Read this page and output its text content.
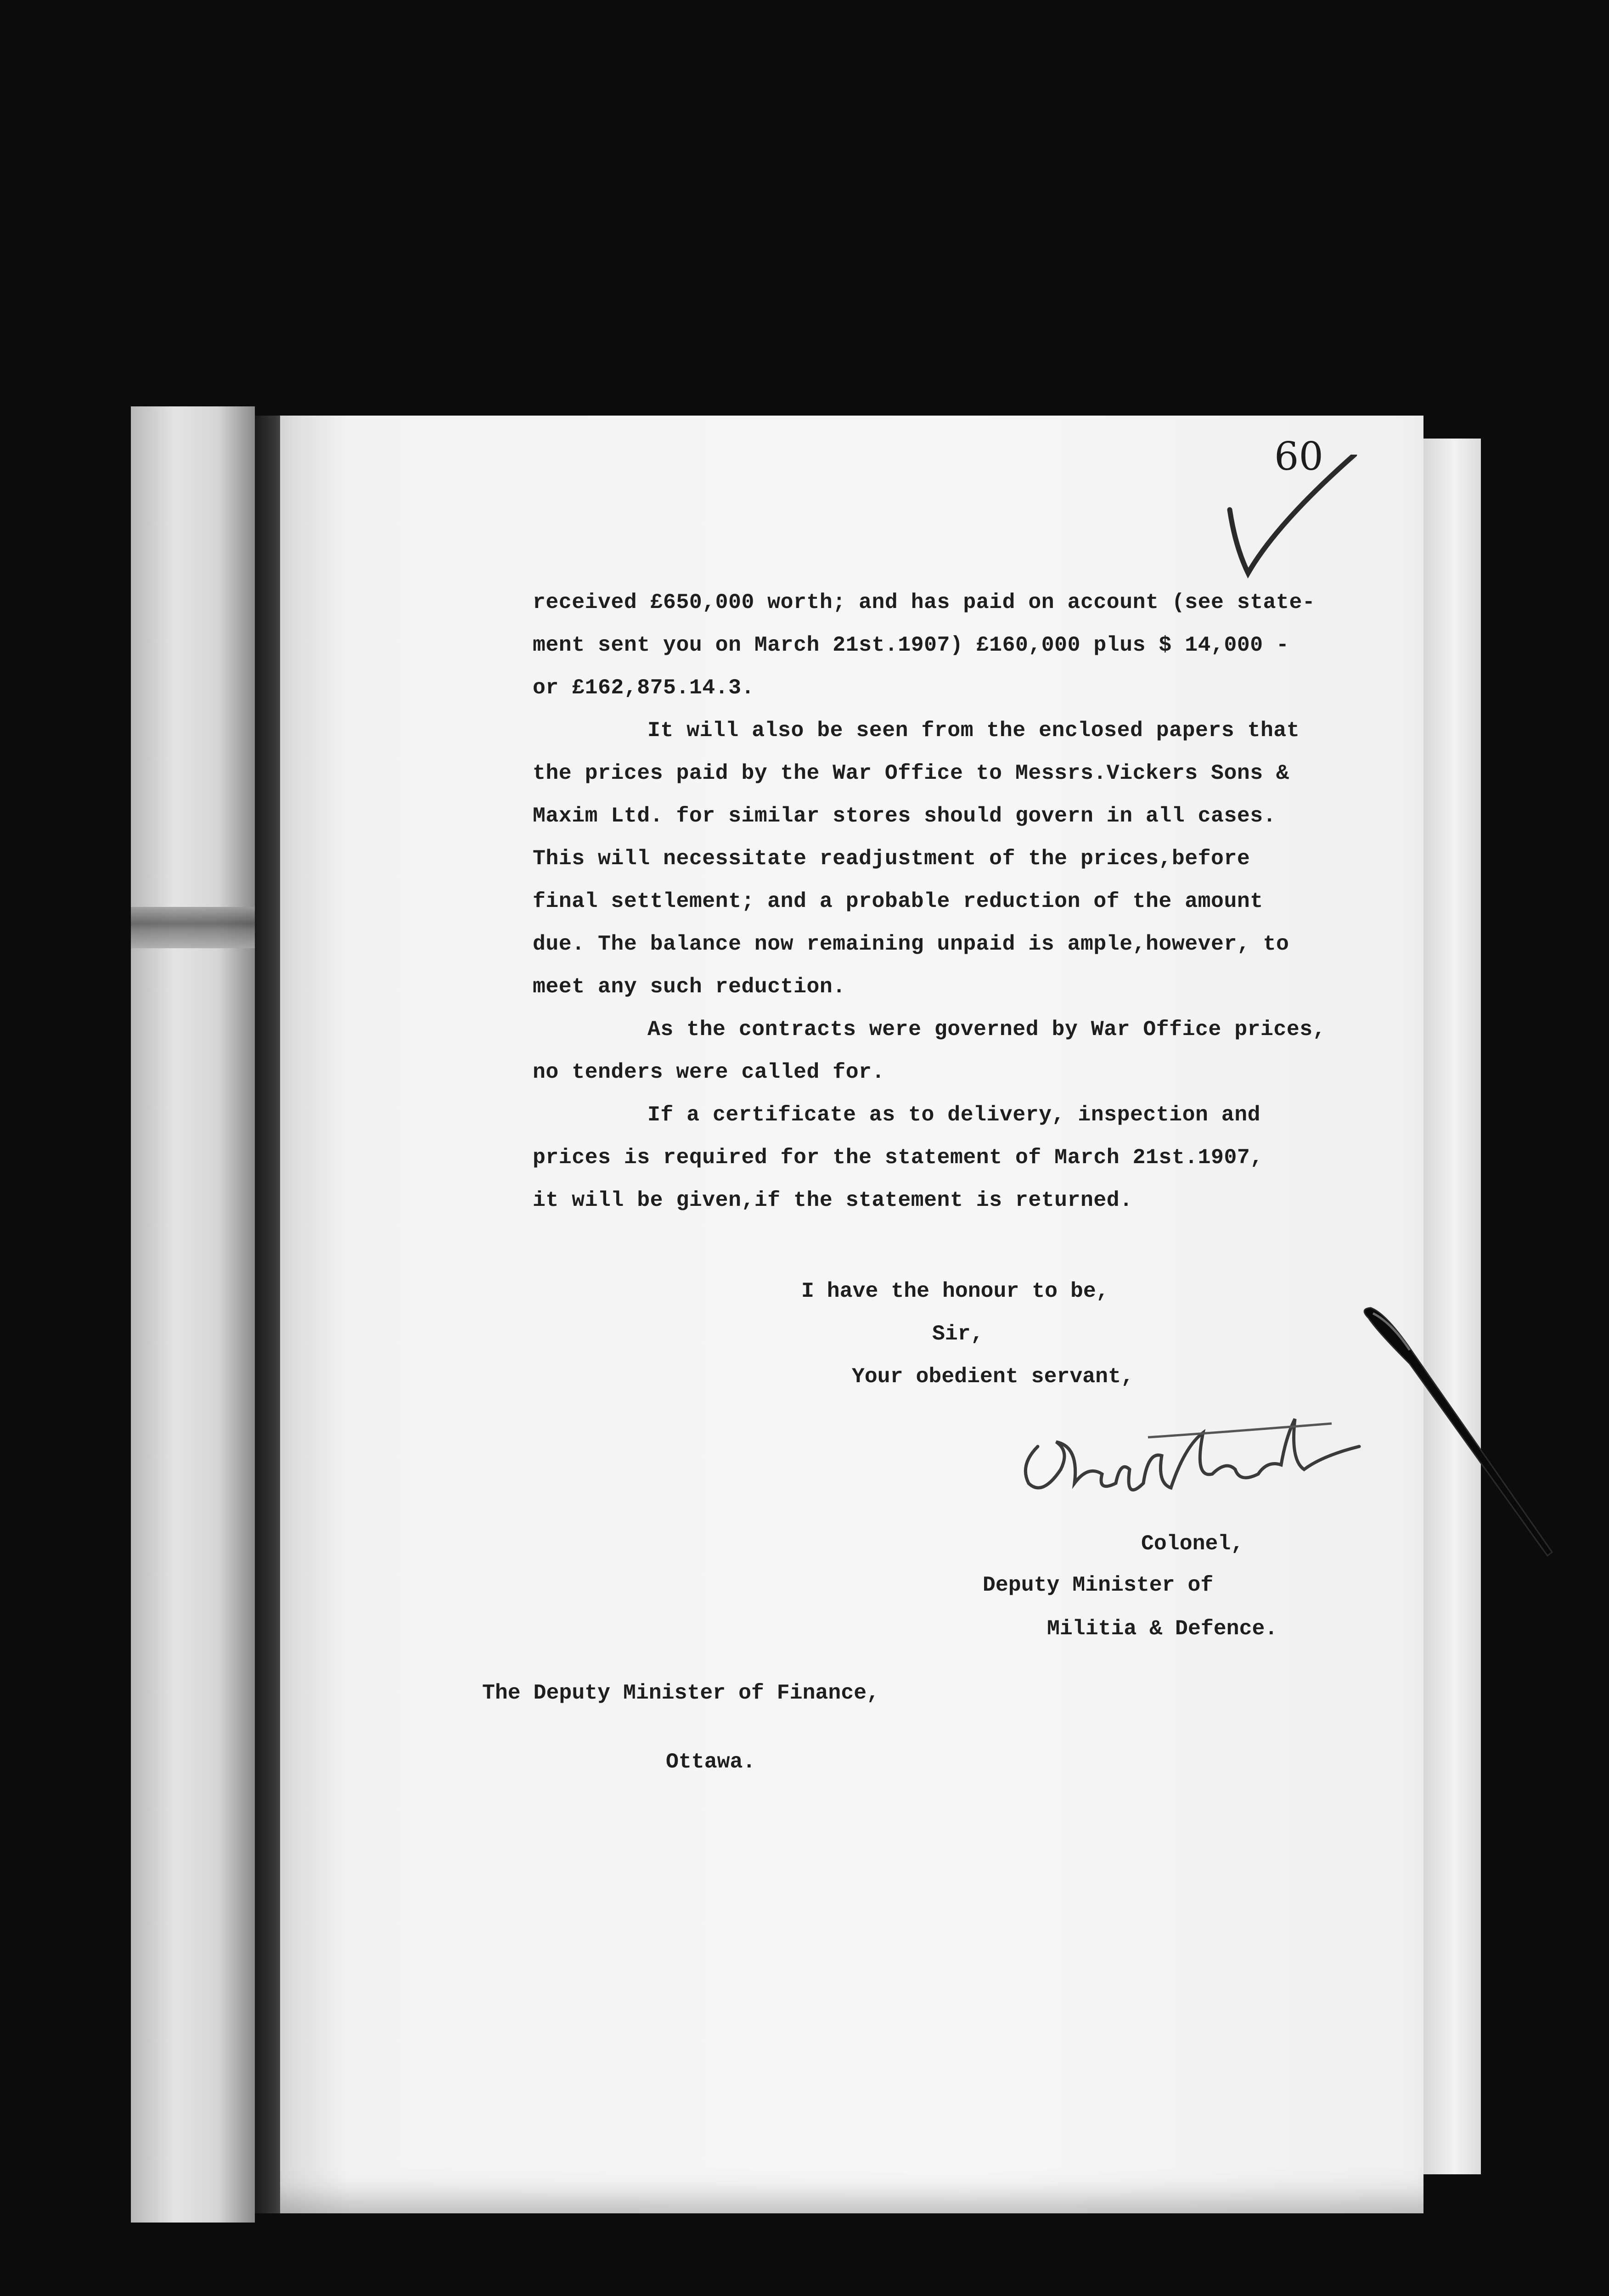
60
received £650,000 worth; and has paid on account (see state-
ment sent you on March 21st.1907) £160,000 plus $ 14,000 -
or £162,875.14.3.
It will also be seen from the enclosed papers that
the prices paid by the War Office to Messrs.Vickers Sons &
Maxim Ltd. for similar stores should govern in all cases.
This will necessitate readjustment of the prices,before
final settlement; and a probable reduction of the amount
due. The balance now remaining unpaid is ample,however, to
meet any such reduction.
As the contracts were governed by War Office prices,
no tenders were called for.
If a certificate as to delivery, inspection and
prices is required for the statement of March 21st.1907,
it will be given,if the statement is returned.
I have the honour to be,
Sir,
Your obedient servant,
Colonel,
Deputy Minister of
Militia & Defence.
The Deputy Minister of Finance,
Ottawa.
